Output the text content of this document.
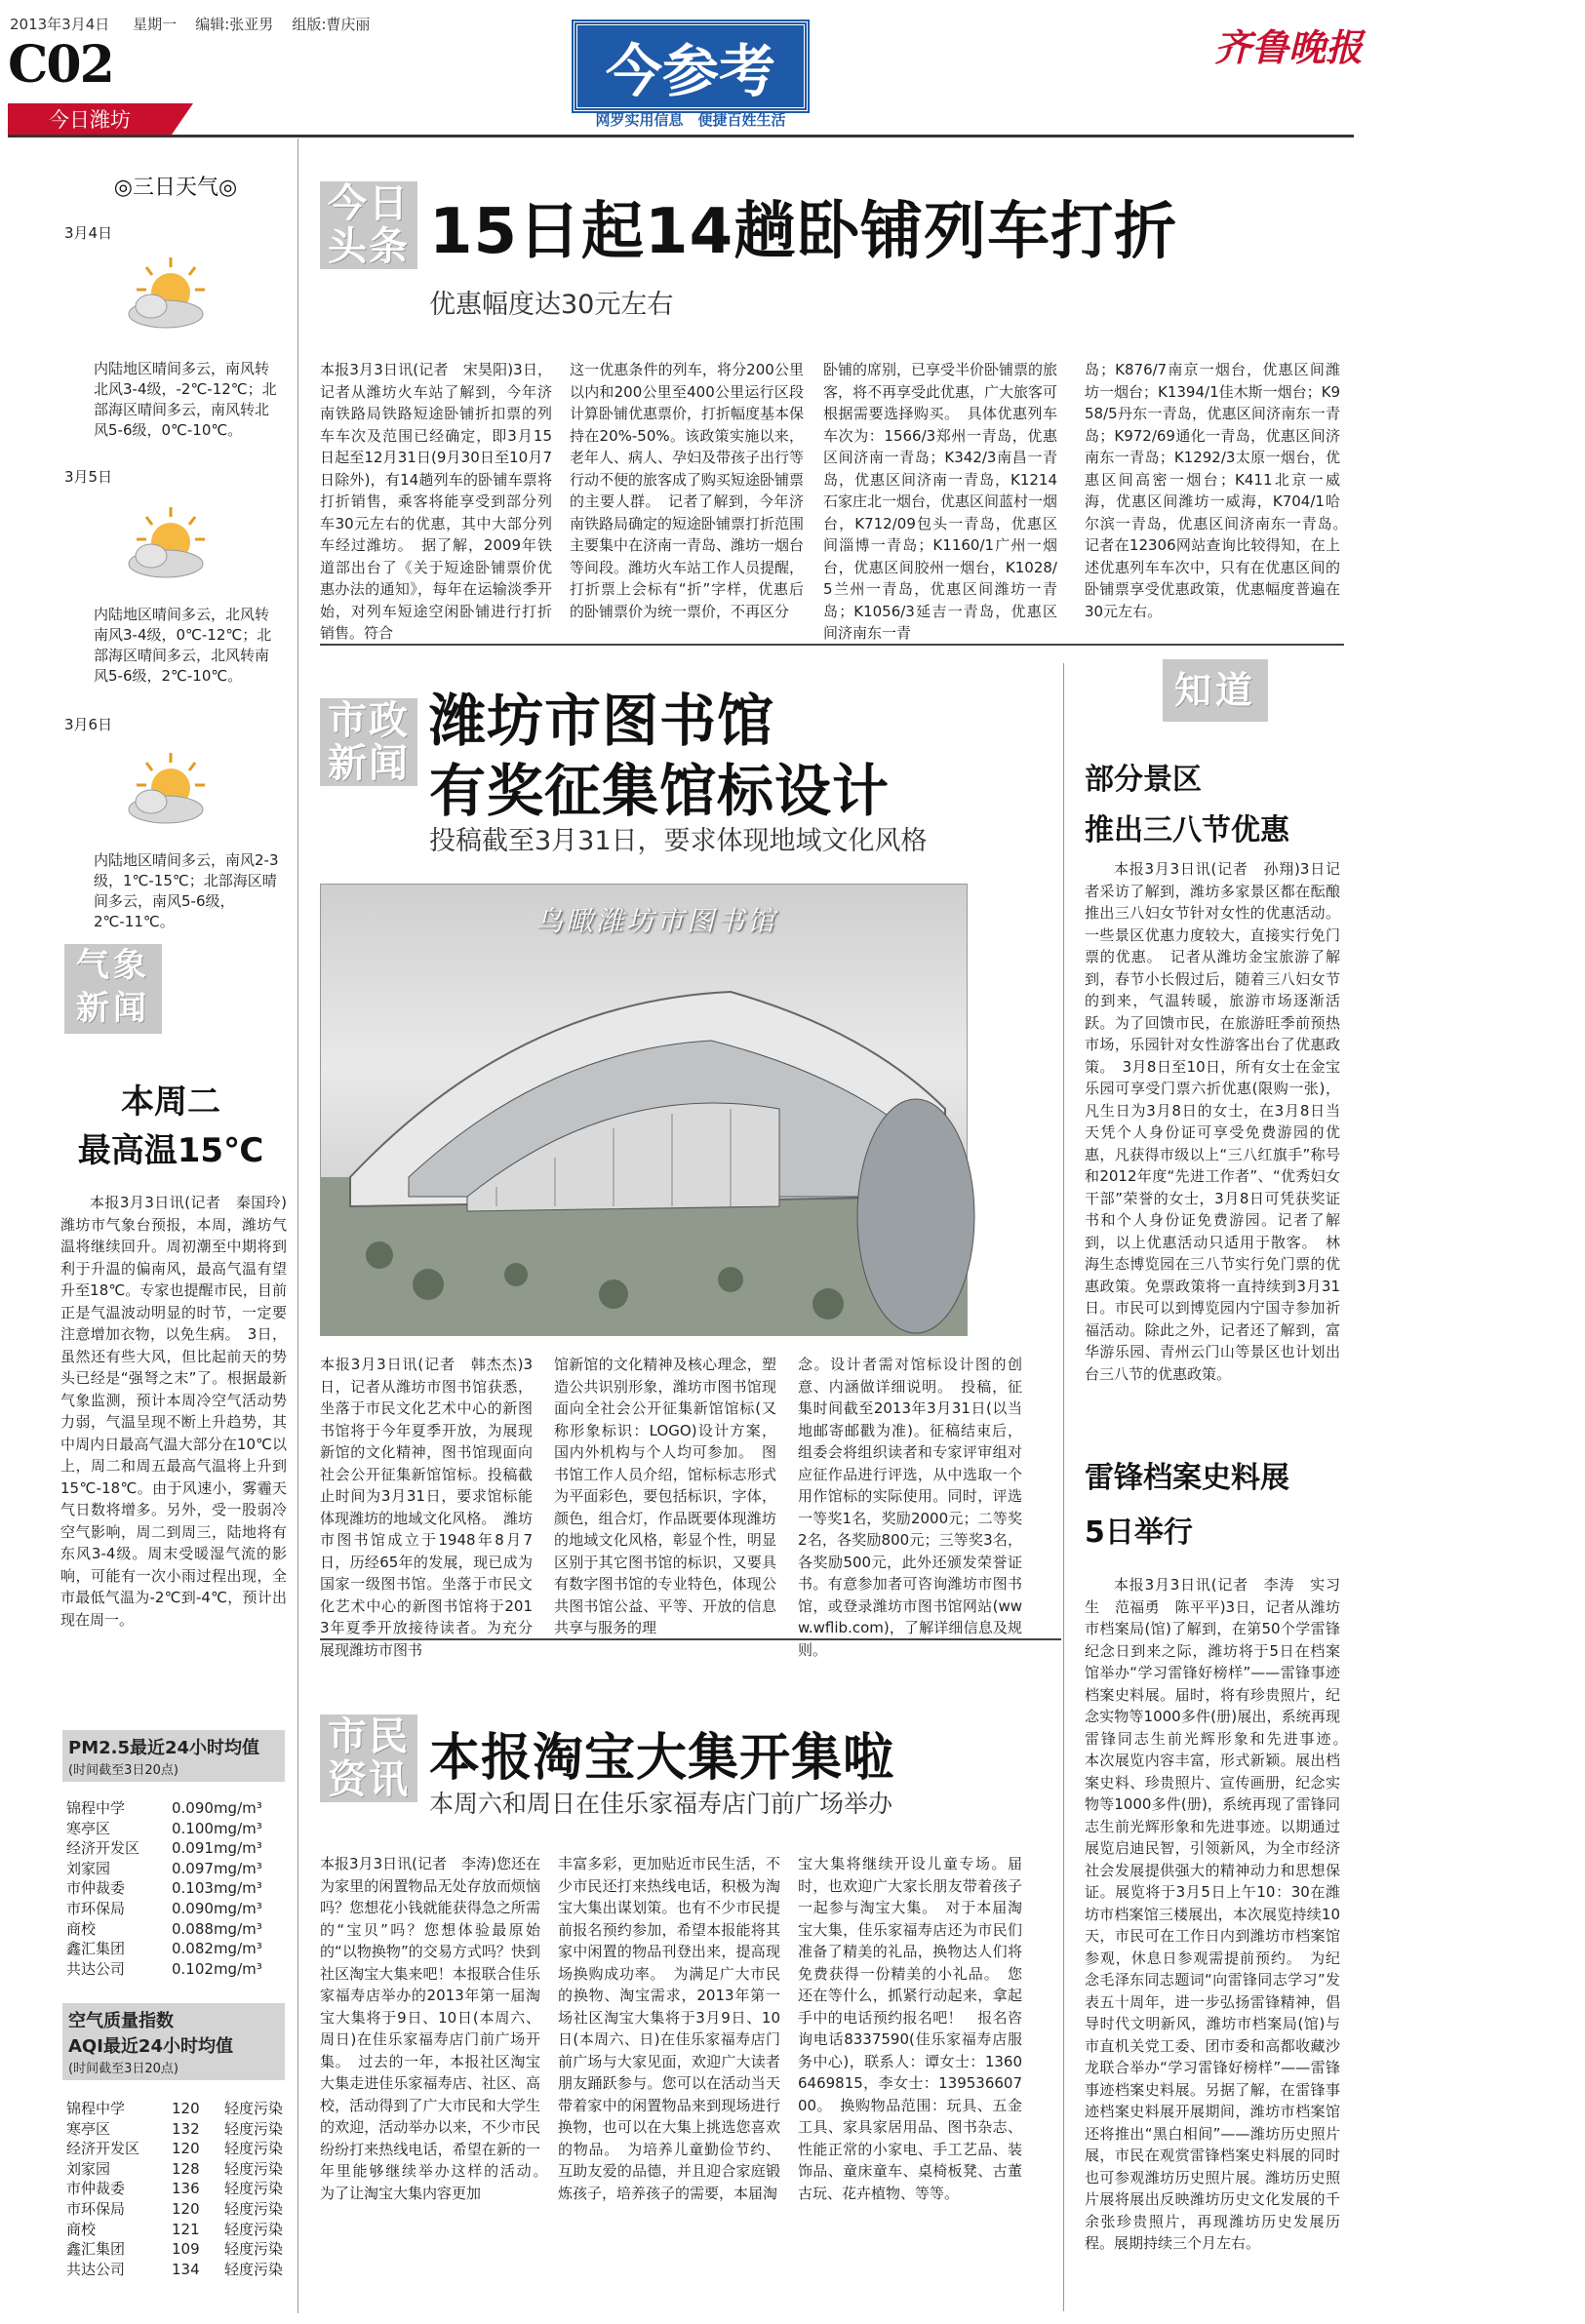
2013年3月4日 星期一 编辑:张亚男 组版:曹庆丽
C02
今日潍坊
今参考
网罗实用信息　便捷百姓生活
齐鲁晚报
◎三日天气◎
3月4日
内陆地区晴间多云，南风转北风3-4级，-2℃-12℃；北部海区晴间多云，南风转北风5-6级，0℃-10℃。
3月5日
内陆地区晴间多云，北风转南风3-4级，0℃-12℃；北部海区晴间多云，北风转南风5-6级，2℃-10℃。
3月6日
内陆地区晴间多云，南风2-3级，1℃-15℃；北部海区晴间多云，南风5-6级，2℃-11℃。
气象新闻
本周二
最高温15℃
本报3月3日讯(记者　秦国玲)潍坊市气象台预报，本周，潍坊气温将继续回升。周初潮至中期将到利于升温的偏南风，最高气温有望升至18℃。专家也提醒市民，目前正是气温波动明显的时节，一定要注意增加衣物，以免生病。　3日，虽然还有些大风，但比起前天的势头已经是“强弩之末”了。根据最新气象监测，预计本周冷空气活动势力弱，气温呈现不断上升趋势，其中周内日最高气温大部分在10℃以上，周二和周五最高气温将上升到15℃-18℃。由于风速小，雾霾天气日数将增多。另外，受一股弱冷空气影响，周二到周三，陆地将有东风3-4级。周末受暖湿气流的影响，可能有一次小雨过程出现，全市最低气温为-2℃到-4℃，预计出现在周一。
PM2.5最近24小时均值
(时间截至3日20点)
锦程中学	0.090mg/m³
寒亭区	0.100mg/m³
经济开发区	0.091mg/m³
刘家园	0.097mg/m³
市仲裁委	0.103mg/m³
市环保局	0.090mg/m³
商校	0.088mg/m³
鑫汇集团	0.082mg/m³
共达公司	0.102mg/m³
空气质量指数
AQI最近24小时均值
(时间截至3日20点)
锦程中学	120	轻度污染
寒亭区	132	轻度污染
经济开发区	120	轻度污染
刘家园	128	轻度污染
市仲裁委	136	轻度污染
市环保局	120	轻度污染
商校	121	轻度污染
鑫汇集团	109	轻度污染
共达公司	134	轻度污染
今日
头条 15日起14趟卧铺列车打折
优惠幅度达30元左右
本报3月3日讯(记者　宋昊阳)3日，记者从潍坊火车站了解到，今年济南铁路局铁路短途卧铺折扣票的列车车次及范围已经确定，即3月15日起至12月31日(9月30日至10月7日除外)，有14趟列车的卧铺车票将打折销售，乘客将能享受到部分列车30元左右的优惠，其中大部分列车经过潍坊。　据了解，2009年铁道部出台了《关于短途卧铺票价优惠办法的通知》，每年在运输淡季开始，对列车短途空闲卧铺进行打折销售。符合
这一优惠条件的列车，将分200公里以内和200公里至400公里运行区段计算卧铺优惠票价，打折幅度基本保持在20%-50%。该政策实施以来，老年人、病人、孕妇及带孩子出行等行动不便的旅客成了购买短途卧铺票的主要人群。　记者了解到，今年济南铁路局确定的短途卧铺票打折范围主要集中在济南一青岛、潍坊一烟台等间段。潍坊火车站工作人员提醒，打折票上会标有“折”字样，优惠后的卧铺票价为统一票价，不再区分
卧铺的席别，已享受半价卧铺票的旅客，将不再享受此优惠，广大旅客可根据需要选择购买。　具体优惠列车车次为：1566/3郑州一青岛，优惠区间济南一青岛；K342/3南昌一青岛，优惠区间济南一青岛，K1214石家庄北一烟台，优惠区间蓝村一烟台，K712/09包头一青岛，优惠区间淄博一青岛；K1160/1广州一烟台，优惠区间胶州一烟台，K1028/5兰州一青岛，优惠区间潍坊一青岛；K1056/3延吉一青岛，优惠区间济南东一青
岛；K876/7南京一烟台，优惠区间潍坊一烟台；K1394/1佳木斯一烟台；K958/5丹东一青岛，优惠区间济南东一青岛；K972/69通化一青岛，优惠区间济南东一青岛；K1292/3太原一烟台，优惠区间高密一烟台；K411北京一威海，优惠区间潍坊一威海，K704/1哈尔滨一青岛，优惠区间济南东一青岛。　记者在12306网站查询比较得知，在上述优惠列车车次中，只有在优惠区间的卧铺票享受优惠政策，优惠幅度普遍在30元左右。
市政
新闻
潍坊市图书馆
有奖征集馆标设计
投稿截至3月31日，要求体现地域文化风格
鸟瞰潍坊市图书馆
本报3月3日讯(记者　韩杰杰)3日，记者从潍坊市图书馆获悉，坐落于市民文化艺术中心的新图书馆将于今年夏季开放，为展现新馆的文化精神，图书馆现面向社会公开征集新馆馆标。投稿截止时间为3月31日，要求馆标能体现潍坊的地域文化风格。　潍坊市图书馆成立于1948年8月7日，历经65年的发展，现已成为国家一级图书馆。坐落于市民文化艺术中心的新图书馆将于2013年夏季开放接待读者。为充分展现潍坊市图书
馆新馆的文化精神及核心理念，塑造公共识别形象，潍坊市图书馆现面向全社会公开征集新馆馆标(又称形象标识：LOGO)设计方案，国内外机构与个人均可参加。　图书馆工作人员介绍，馆标标志形式为平面彩色，要包括标识，字体，颜色，组合灯，作品既要体现潍坊的地域文化风格，彰显个性，明显区别于其它图书馆的标识，又要具有数字图书馆的专业特色，体现公共图书馆公益、平等、开放的信息共享与服务的理
念。设计者需对馆标设计图的创意、内涵做详细说明。　投稿，征集时间截至2013年3月31日(以当地邮寄邮戳为准)。征稿结束后，组委会将组织读者和专家评审组对应征作品进行评选，从中选取一个用作馆标的实际使用。同时，评选一等奖1名，奖励2000元；二等奖2名，各奖励800元；三等奖3名，各奖励500元，此外还颁发荣誉证书。有意参加者可咨询潍坊市图书馆，或登录潍坊市图书馆网站(www.wflib.com)，了解详细信息及规则。
市民
资讯 本报淘宝大集开集啦
本周六和周日在佳乐家福寿店门前广场举办
本报3月3日讯(记者　李涛)您还在为家里的闲置物品无处存放而烦恼吗？您想花小钱就能获得急之所需的“宝贝”吗？您想体验最原始的“以物换物”的交易方式吗？快到社区淘宝大集来吧！本报联合佳乐家福寿店举办的2013年第一届淘宝大集将于9日、10日(本周六、周日)在佳乐家福寿店门前广场开集。　过去的一年，本报社区淘宝大集走进佳乐家福寿店、社区、高校，活动得到了广大市民和大学生的欢迎，活动举办以来，不少市民纷纷打来热线电话，希望在新的一年里能够继续举办这样的活动。　为了让淘宝大集内容更加
丰富多彩，更加贴近市民生活，不少市民还打来热线电话，积极为淘宝大集出谋划策。也有不少市民提前报名预约参加，希望本报能将其家中闲置的物品刊登出来，提高现场换购成功率。　为满足广大市民的换物、淘宝需求，2013年第一场社区淘宝大集将于3月9日、10日(本周六、日)在佳乐家福寿店门前广场与大家见面，欢迎广大读者朋友踊跃参与。您可以在活动当天带着家中的闲置物品来到现场进行换物，也可以在大集上挑选您喜欢的物品。　为培养儿童勤俭节约、互助友爱的品德，并且迎合家庭锻炼孩子，培养孩子的需要，本届淘
宝大集将继续开设儿童专场。届时，也欢迎广大家长朋友带着孩子一起参与淘宝大集。　对于本届淘宝大集，佳乐家福寿店还为市民们准备了精美的礼品，换物达人们将免费获得一份精美的小礼品。　您还在等什么，抓紧行动起来，拿起手中的电话预约报名吧！　报名咨询电话8337590(佳乐家福寿店服务中心)，联系人：谭女士：13606469815，李女士：13953660700。　换购物品范围：玩具、五金工具、家具家居用品、图书杂志、性能正常的小家电、手工艺品、装饰品、童床童车、桌椅板凳、古董古玩、花卉植物、等等。
知道
部分景区
推出三八节优惠
本报3月3日讯(记者　孙翔)3日记者采访了解到，潍坊多家景区都在酝酿推出三八妇女节针对女性的优惠活动。一些景区优惠力度较大，直接实行免门票的优惠。　记者从潍坊金宝旅游了解到，春节小长假过后，随着三八妇女节的到来，气温转暖，旅游市场逐渐活跃。为了回馈市民，在旅游旺季前预热市场，乐园针对女性游客出台了优惠政策。　3月8日至10日，所有女士在金宝乐园可享受门票六折优惠(限购一张)，凡生日为3月8日的女士，在3月8日当天凭个人身份证可享受免费游园的优惠，凡获得市级以上“三八红旗手”称号和2012年度“先进工作者”、“优秀妇女干部”荣誉的女士，3月8日可凭获奖证书和个人身份证免费游园。记者了解到，以上优惠活动只适用于散客。　林海生态博览园在三八节实行免门票的优惠政策。免票政策将一直持续到3月31日。市民可以到博览园内宁国寺参加祈福活动。除此之外，记者还了解到，富华游乐园、青州云门山等景区也计划出台三八节的优惠政策。
雷锋档案史料展
5日举行
本报3月3日讯(记者　李涛　实习生　范福勇　陈平平)3日，记者从潍坊市档案局(馆)了解到，在第50个学雷锋纪念日到来之际，潍坊将于5日在档案馆举办“学习雷锋好榜样”——雷锋事迹档案史料展。届时，将有珍贵照片，纪念实物等1000多件(册)展出，系统再现雷锋同志生前光辉形象和先进事迹。　本次展览内容丰富，形式新颖。展出档案史料、珍贵照片、宣传画册，纪念实物等1000多件(册)，系统再现了雷锋同志生前光辉形象和先进事迹。以期通过展览启迪民智，引领新风，为全市经济社会发展提供强大的精神动力和思想保证。展览将于3月5日上午10：30在潍坊市档案馆三楼展出，本次展览持续10天，市民可在工作日内到潍坊市档案馆参观，休息日参观需提前预约。　为纪念毛泽东同志题词“向雷锋同志学习”发表五十周年，进一步弘扬雷锋精神，倡导时代文明新风，潍坊市档案局(馆)与市直机关党工委、团市委和高都收藏沙龙联合举办“学习雷锋好榜样”——雷锋事迹档案史料展。另据了解，在雷锋事迹档案史料展开展期间，潍坊市档案馆还将推出“黑白相间”——潍坊历史照片展，市民在观赏雷锋档案史料展的同时也可参观潍坊历史照片展。潍坊历史照片展将展出反映潍坊历史文化发展的千余张珍贵照片，再现潍坊历史发展历程。展期持续三个月左右。
